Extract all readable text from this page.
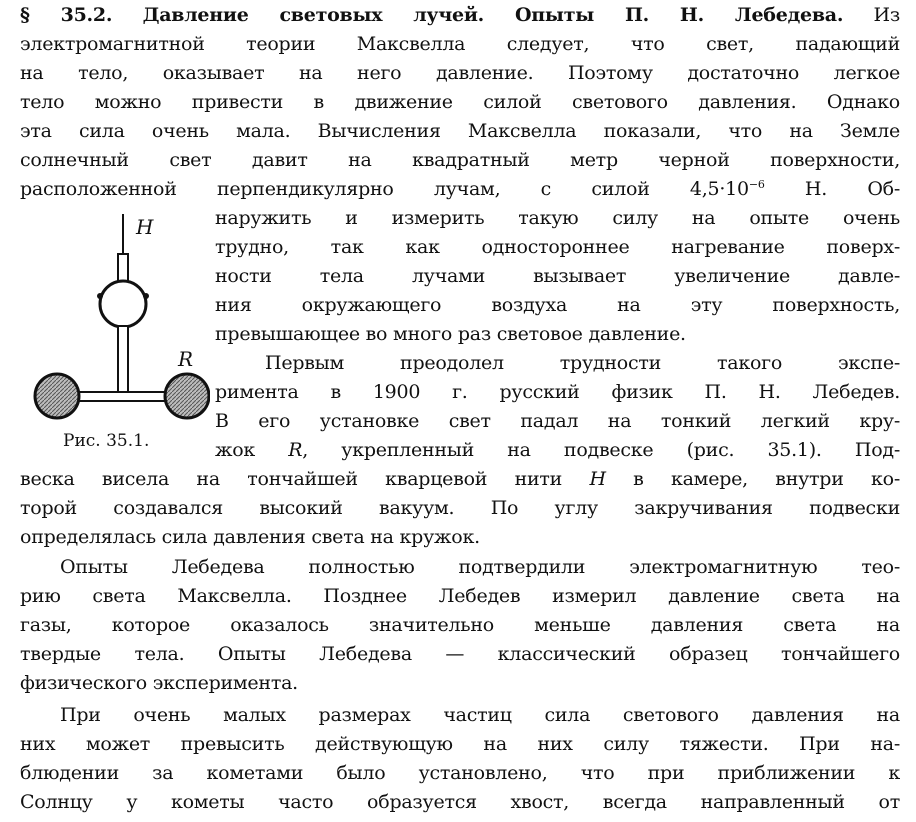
§ 35.2. Давление световых лучей. Опыты П. Н. Лебедева. Из
электромагнитной теории Максвелла следует, что свет, падающий
на тело, оказывает на него давление. Поэтому достаточно легкое
тело можно привести в движение силой светового давления. Однако
эта сила очень мала. Вычисления Максвелла показали, что на Земле
солнечный свет давит на квадратный метр черной поверхности,
расположенной перпендикулярно лучам, с силой $4,5\cdot 10^{-6}$ Н. Об-
наружить и измерить такую силу на опыте очень
трудно, так как одностороннее нагревание поверх-
ности тела лучами вызывает увеличение давле-
ния окружающего воздуха на эту поверхность,
превышающее во много раз световое давление.
Первым преодолел трудности такого экспе-
римента в 1900 г. русский физик П. Н. Лебедев.
В его установке свет падал на тонкий легкий кру-
жок R, укрепленный на подвеске (рис. 35.1). Под-
веска висела на тончайшей кварцевой нити H в камере, внутри ко-
торой создавался высокий вакуум. По углу закручивания подвески
определялась сила давления света на кружок.
Опыты Лебедева полностью подтвердили электромагнитную тео-
рию света Максвелла. Позднее Лебедев измерил давление света на
газы, которое оказалось значительно меньше давления света на
твердые тела. Опыты Лебедева — классический образец тончайшего
физического эксперимента.
При очень малых размерах частиц сила светового давления на
них может превысить действующую на них силу тяжести. При на-
блюдении за кометами было установлено, что при приближении к
Солнцу у кометы часто образуется хвост, всегда направленный от
H
R
Рис. 35.1.
